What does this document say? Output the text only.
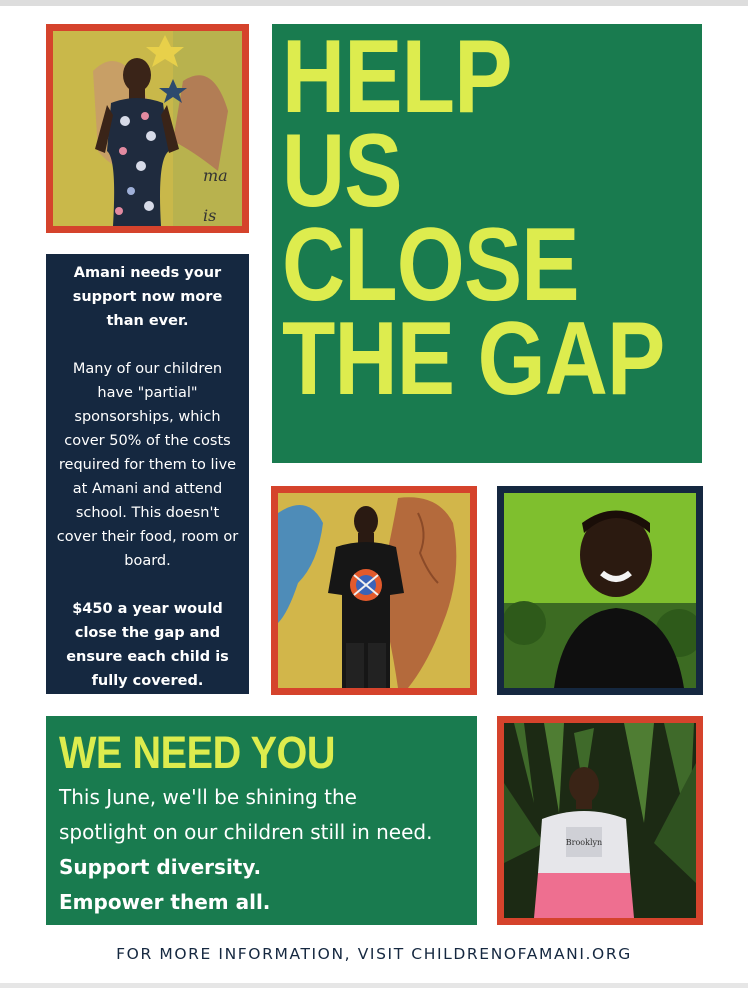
ma
is
HELP
US
CLOSE
THE GAP

Amani needs your support now more than ever.

Many of our children have "partial" sponsorships, which cover 50% of the costs required for them to live at Amani and attend school. This doesn't cover their food, room or board.

$450 a year would close the gap and ensure each child is fully covered.

WE NEED YOU
This June, we'll be shining the
spotlight on our children still in need.
Support diversity.
Empower them all.
Brooklyn
FOR MORE INFORMATION, VISIT CHILDRENOFAMANI.ORG
